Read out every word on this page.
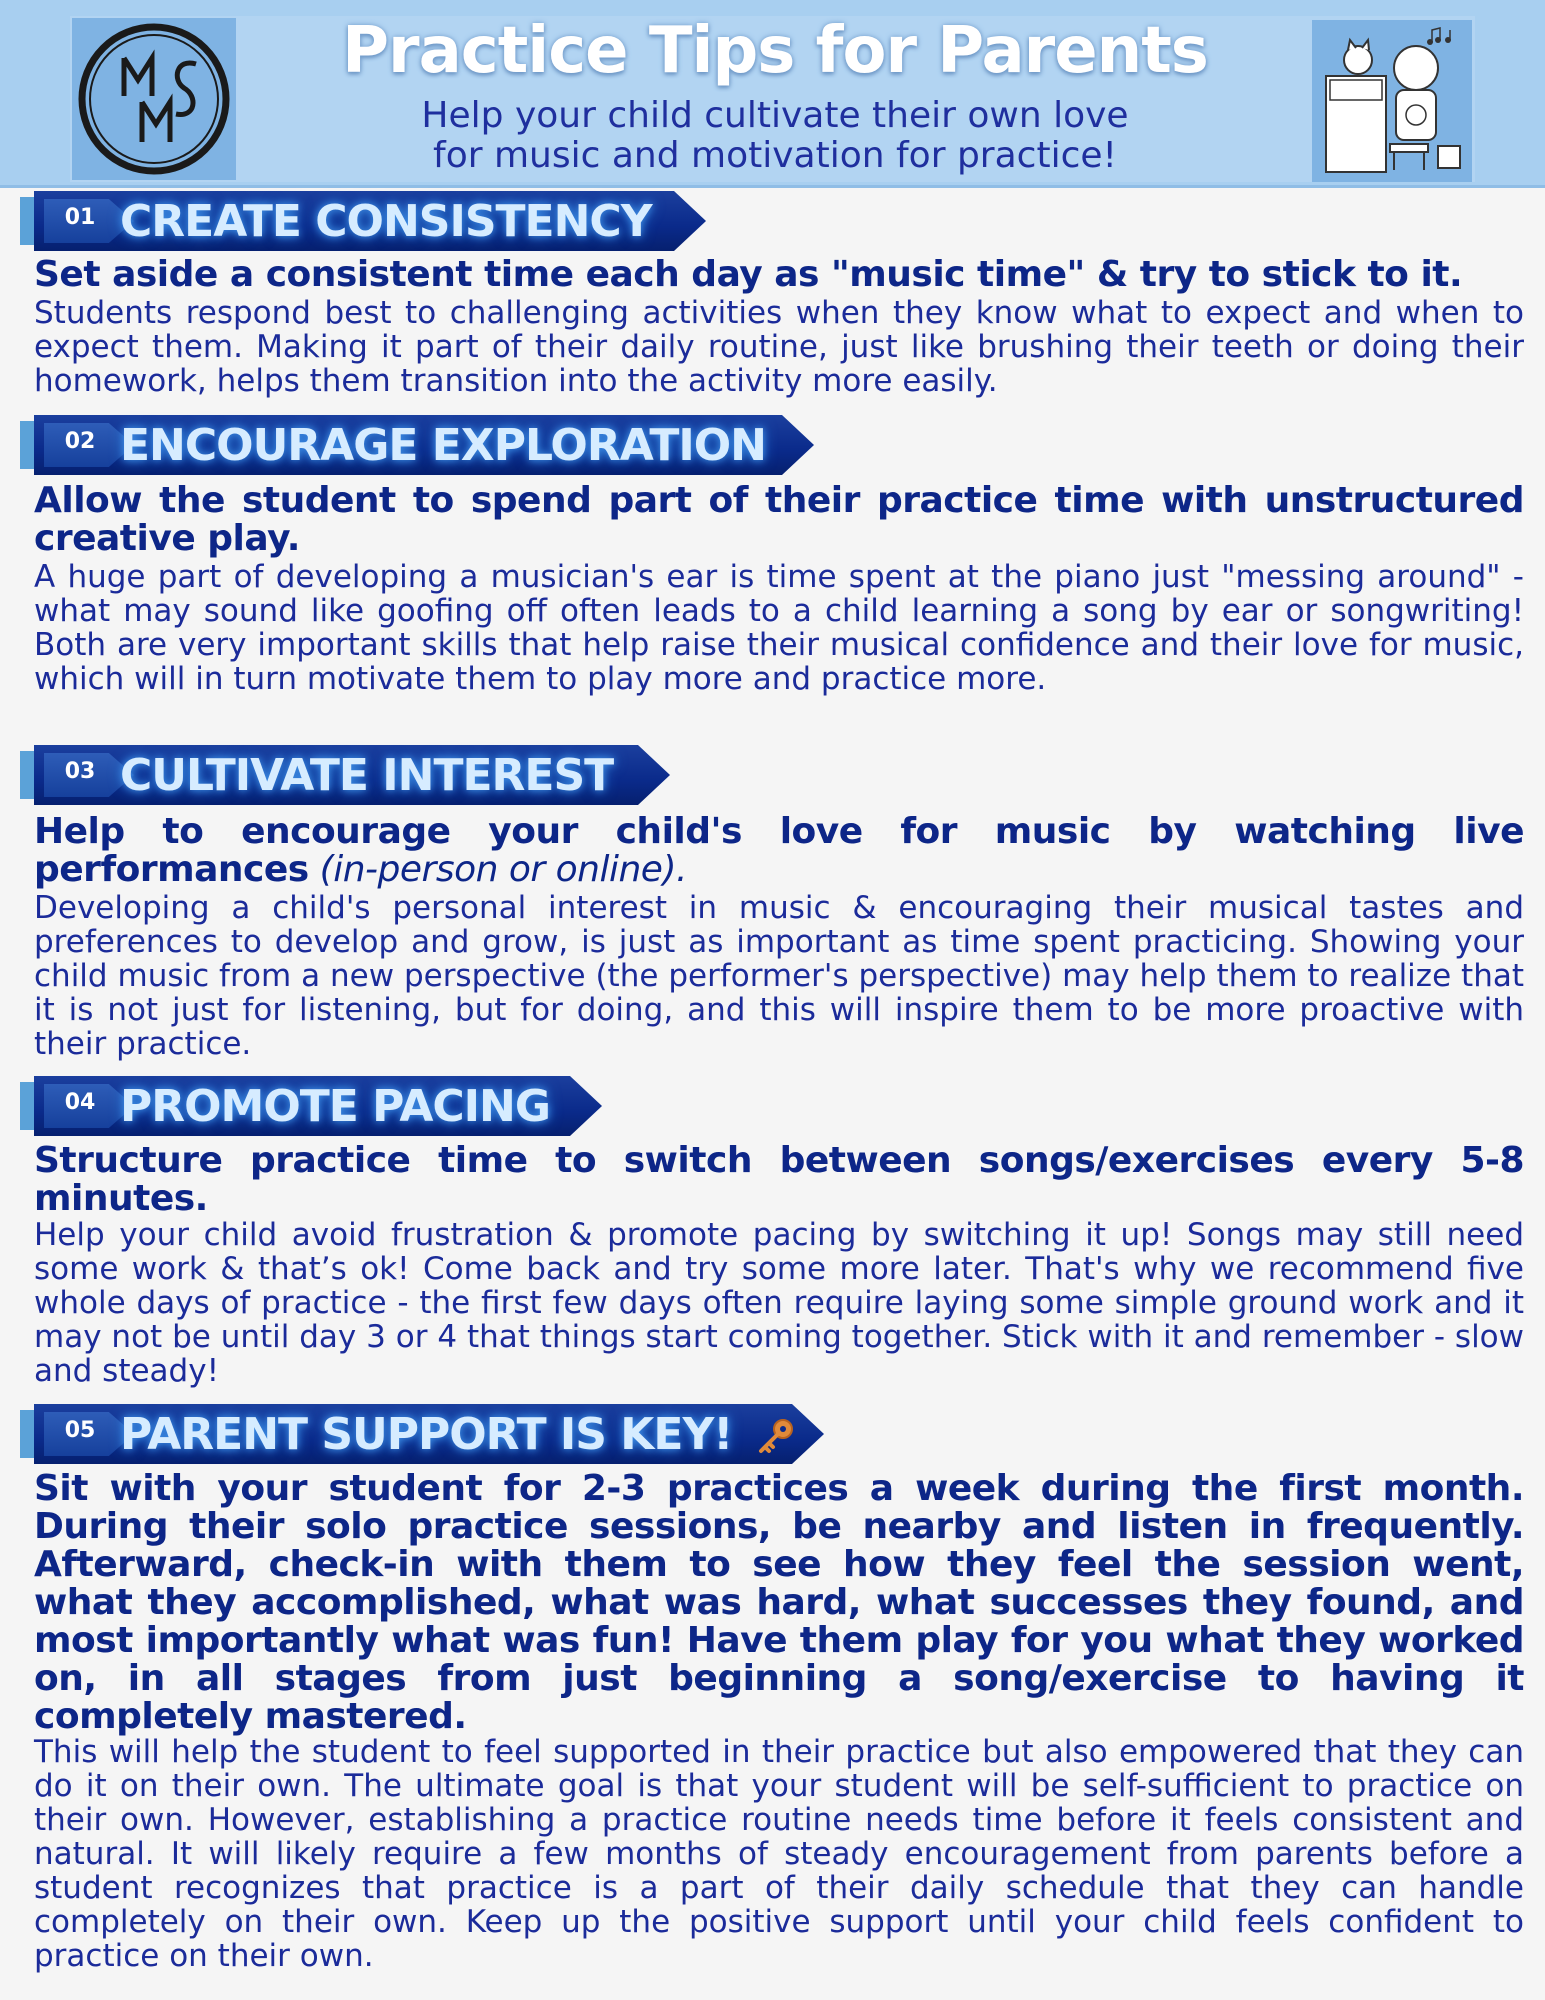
Practice Tips for Parents
Help your child cultivate their own love
for music and motivation for practice!
01 CREATE CONSISTENCY
Set aside a consistent time each day as "music time" & try to stick to it.
Students respond best to challenging activities when they know what to expect and when to expect them. Making it part of their daily routine, just like brushing their teeth or doing their homework, helps them transition into the activity more easily.
02 ENCOURAGE EXPLORATION
Allow the student to spend part of their practice time with unstructured creative play.
A huge part of developing a musician's ear is time spent at the piano just "messing around" - what may sound like goofing off often leads to a child learning a song by ear or songwriting! Both are very important skills that help raise their musical confidence and their love for music, which will in turn motivate them to play more and practice more.
03 CULTIVATE INTEREST
Help to encourage your child's love for music by watching live performances (in-person or online).
Developing a child's personal interest in music & encouraging their musical tastes and preferences to develop and grow, is just as important as time spent practicing. Showing your child music from a new perspective (the performer's perspective) may help them to realize that it is not just for listening, but for doing, and this will inspire them to be more proactive with their practice.
04 PROMOTE PACING
Structure practice time to switch between songs/exercises every 5-8 minutes.
Help your child avoid frustration & promote pacing by switching it up! Songs may still need some work & that’s ok! Come back and try some more later. That's why we recommend five whole days of practice - the first few days often require laying some simple ground work and it may not be until day 3 or 4 that things start coming together. Stick with it and remember - slow and steady!
05 PARENT SUPPORT IS KEY!
Sit with your student for 2-3 practices a week during the first month. During their solo practice sessions, be nearby and listen in frequently. Afterward, check-in with them to see how they feel the session went, what they accomplished, what was hard, what successes they found, and most importantly what was fun! Have them play for you what they worked on, in all stages from just beginning a song/exercise to having it completely mastered.
This will help the student to feel supported in their practice but also empowered that they can do it on their own. The ultimate goal is that your student will be self-sufficient to practice on their own. However, establishing a practice routine needs time before it feels consistent and natural. It will likely require a few months of steady encouragement from parents before a student recognizes that practice is a part of their daily schedule that they can handle completely on their own. Keep up the positive support until your child feels confident to practice on their own.
